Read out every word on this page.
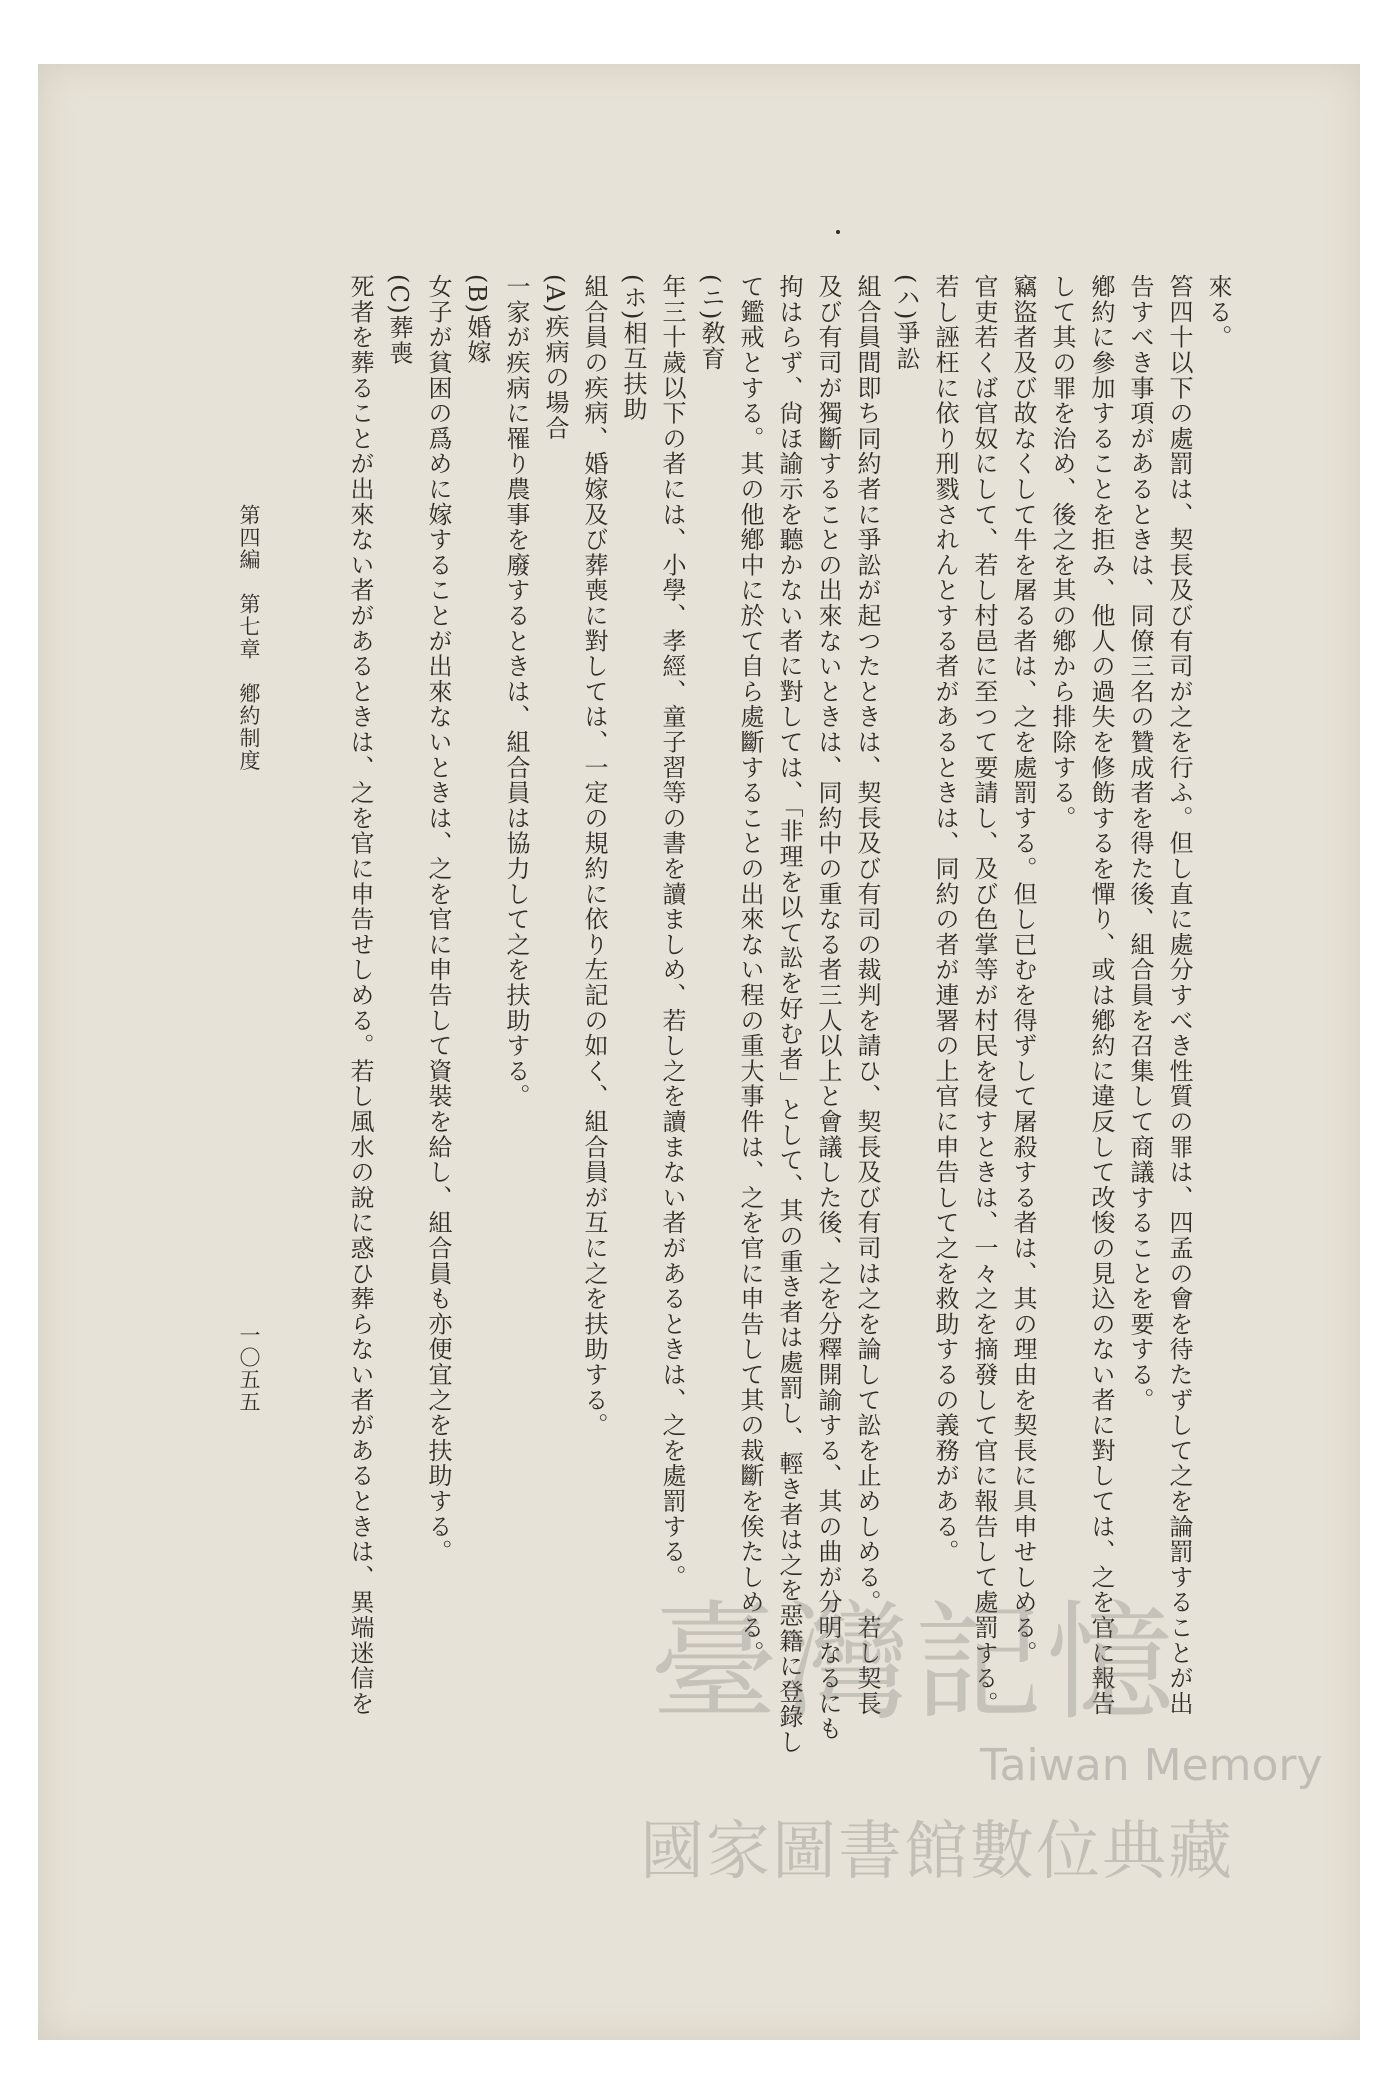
來る。
笞四十以下の處罰は、契長及び有司が之を行ふ。但し直に處分すべき性質の罪は、四孟の會を待たずして之を論罰することが出
告すべき事項があるときは、同僚三名の贊成者を得た後、組合員を召集して商議することを要する。
鄕約に參加することを拒み、他人の過失を修飭するを憚り、或は鄕約に違反して改悛の見込のない者に對しては、之を官に報告
して其の罪を治め、後之を其の鄕から排除する。
竊盜者及び故なくして牛を屠る者は、之を處罰する。但し已むを得ずして屠殺する者は、其の理由を契長に具申せしめる。
官吏若くば官奴にして、若し村邑に至つて要請し、及び色掌等が村民を侵すときは、一々之を摘發して官に報告して處罰する。
若し誣枉に依り刑戮されんとする者があるときは、同約の者が連署の上官に申告して之を救助するの義務がある。
(ハ)爭訟
組合員間即ち同約者に爭訟が起つたときは、契長及び有司の裁判を請ひ、契長及び有司は之を論して訟を止めしめる。若し契長
及び有司が獨斷することの出來ないときは、同約中の重なる者三人以上と會議した後、之を分釋開諭する、其の曲が分明なるにも
拘はらず、尙ほ諭示を聽かない者に對しては、「非理を以て訟を好む者」として、其の重き者は處罰し、輕き者は之を惡籍に登錄し
て鑑戒とする。其の他鄕中に於て自ら處斷することの出來ない程の重大事件は、之を官に申告して其の裁斷を俟たしめる。
(ニ)敎育
年三十歲以下の者には、小學、孝經、童子習等の書を讀ましめ、若し之を讀まない者があるときは、之を處罰する。
(ホ)相互扶助
組合員の疾病、婚嫁及び葬喪に對しては、一定の規約に依り左記の如く、組合員が互に之を扶助する。
(A)疾病の場合
一家が疾病に罹り農事を廢するときは、組合員は協力して之を扶助する。
(B)婚嫁
女子が貧困の爲めに嫁することが出來ないときは、之を官に申告して資裝を給し、組合員も亦便宜之を扶助する。
(C)葬喪
死者を葬ることが出來ない者があるときは、之を官に申告せしめる。若し風水の說に惑ひ葬らない者があるときは、異端迷信を
第四編　第七章　鄕約制度
一〇五五
臺灣記憶
Taiwan Memory
國家圖書館數位典藏
